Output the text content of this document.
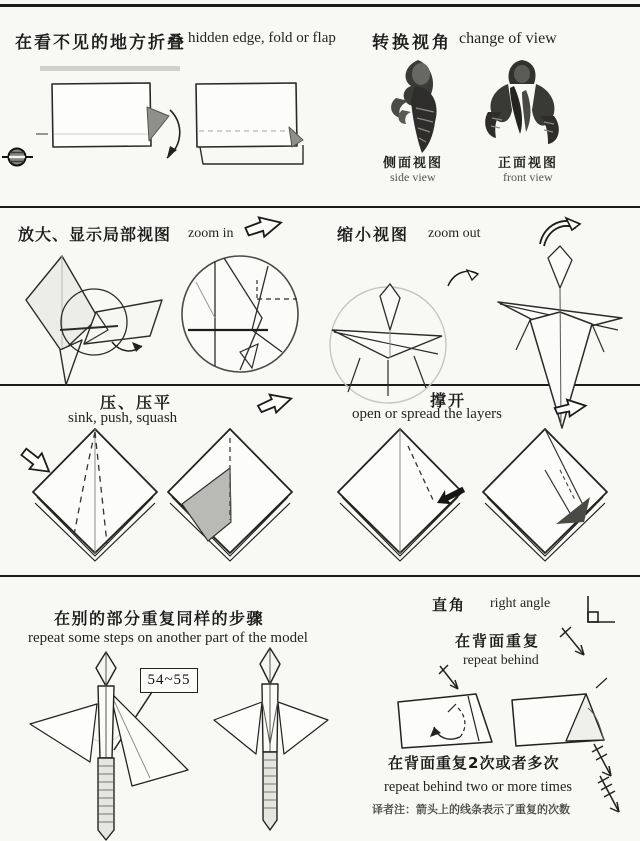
在看不见的地方折叠 hidden edge, fold or flap 转换视角 change of view
侧面视图
side view
正面视图
front view
放大、显示局部视图 zoom in	缩小视图 zoom out
压、压平
sink, push, squash
撑开
open or spread the layers
在别的部分重复同样的步骤
repeat some steps on another part of the model
54~55
直角 right angle
在背面重复
repeat behind
在背面重复2次或者多次
repeat behind two or more times
译者注：箭头上的线条表示了重复的次数
